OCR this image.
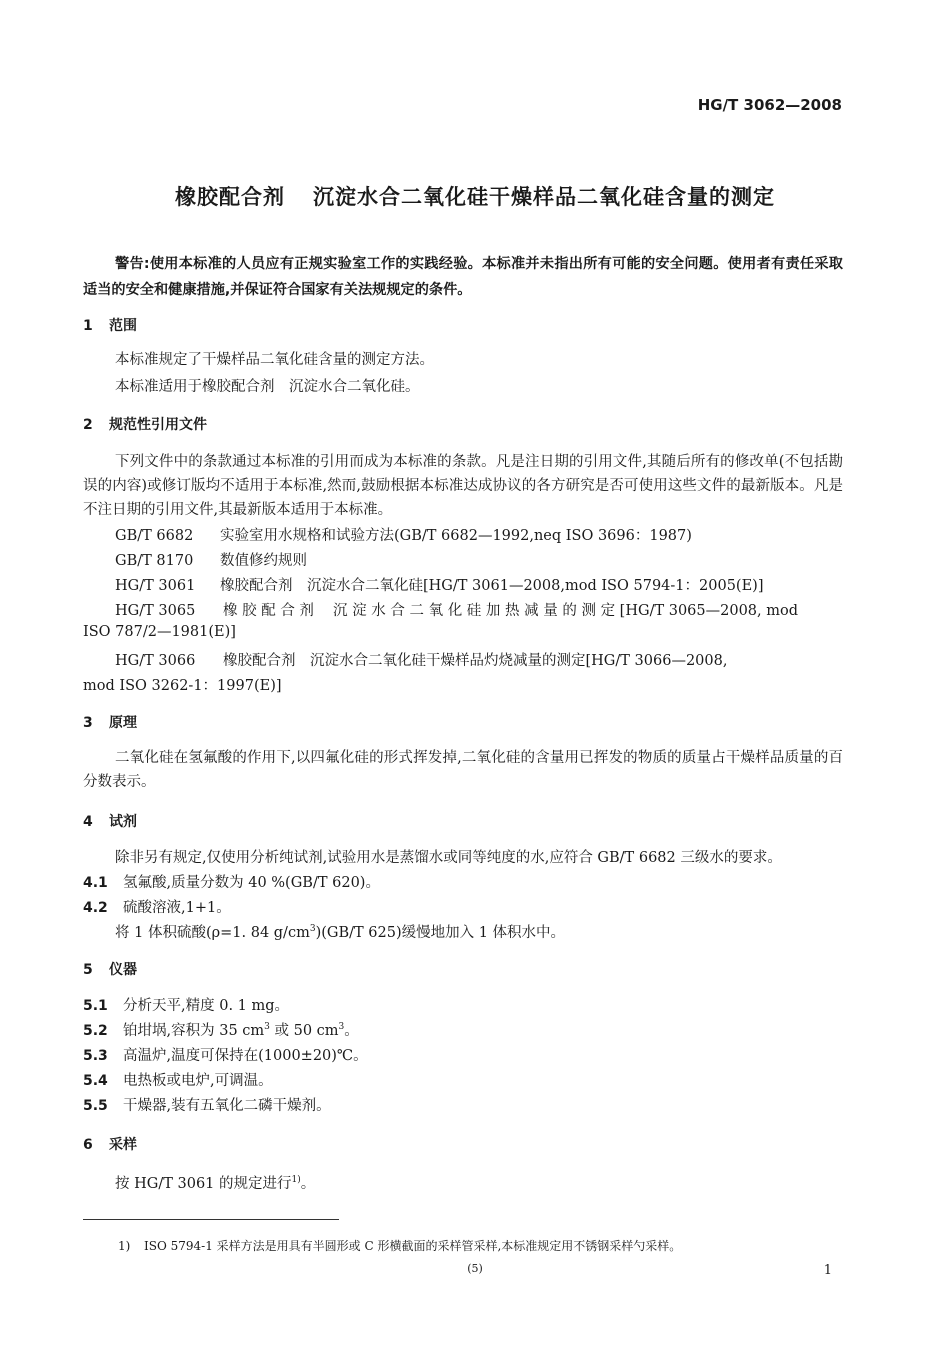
HG/T 3062—2008
橡胶配合剂 沉淀水合二氧化硅干燥样品二氧化硅含量的测定
警告:使用本标准的人员应有正规实验室工作的实践经验。本标准并未指出所有可能的安全问题。使用者有责任采取适当的安全和健康措施,并保证符合国家有关法规规定的条件。
1 范围
本标准规定了干燥样品二氧化硅含量的测定方法。
本标准适用于橡胶配合剂　沉淀水合二氧化硅。
2 规范性引用文件
下列文件中的条款通过本标准的引用而成为本标准的条款。凡是注日期的引用文件,其随后所有的修改单(不包括勘误的内容)或修订版均不适用于本标准,然而,鼓励根据本标准达成协议的各方研究是否可使用这些文件的最新版本。凡是不注日期的引用文件,其最新版本适用于本标准。
GB/T 6682 实验室用水规格和试验方法(GB/T 6682—1992,neq ISO 3696：1987)
GB/T 8170 数值修约规则
HG/T 3061 橡胶配合剂　沉淀水合二氧化硅[HG/T 3061—2008,mod ISO 5794-1：2005(E)]
HG/T 3065 橡 胶 配 合 剂　 沉 淀 水 合 二 氧 化 硅 加 热 减 量 的 测 定 [HG/T 3065—2008, mod
ISO 787/2—1981(E)]
HG/T 3066 橡胶配合剂　沉淀水合二氧化硅干燥样品灼烧减量的测定[HG/T 3066—2008,
mod ISO 3262-1：1997(E)]
3 原理
二氧化硅在氢氟酸的作用下,以四氟化硅的形式挥发掉,二氧化硅的含量用已挥发的物质的质量占干燥样品质量的百分数表示。
4 试剂
除非另有规定,仅使用分析纯试剂,试验用水是蒸馏水或同等纯度的水,应符合 GB/T 6682 三级水的要求。
4.1 氢氟酸,质量分数为 40 %(GB/T 620)。
4.2 硫酸溶液,1+1。
将 1 体积硫酸(ρ=1. 84 $g/cm^3)(GB/T$ 625)缓慢地加入 1 体积水中。
5 仪器
5.1 分析天平,精度 0. 1 mg。
5.2 铂坩埚,容积为 35 $cm^3$ 或 50 $cm^3$。
5.3 高温炉,温度可保持在(1000±20)℃。
5.4 电热板或电炉,可调温。
5.5 干燥器,装有五氧化二磷干燥剂。
6 采样
按 HG/T 3061 的规定进行$^{1)}$。
1) ISO 5794-1 采样方法是用具有半圆形或 C 形横截面的采样管采样,本标准规定用不锈钢采样勺采样。
(5)	1
